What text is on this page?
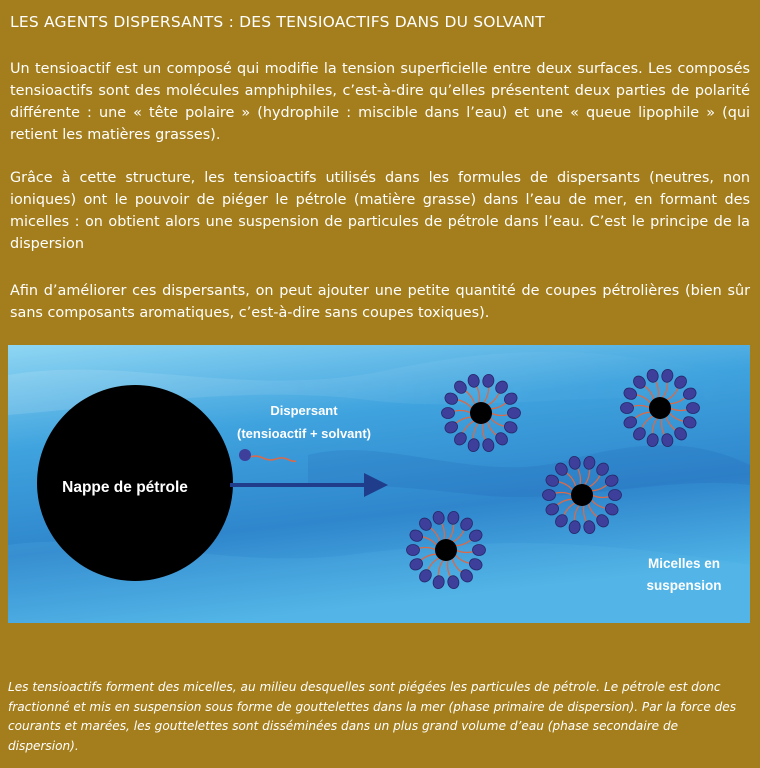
LES AGENTS DISPERSANTS : DES TENSIOACTIFS DANS DU SOLVANT
Un tensioactif est un composé qui modifie la tension superficielle entre deux surfaces. Les composés tensioactifs sont des molécules amphiphiles, c’est-à-dire qu’elles présentent deux parties de polarité différente : une « tête polaire » (hydrophile : miscible dans l’eau) et une « queue lipophile » (qui retient les matières grasses).
Grâce à cette structure, les tensioactifs utilisés dans les formules de dispersants (neutres, non ioniques) ont le pouvoir de piéger le pétrole (matière grasse) dans l’eau de mer, en formant des micelles : on obtient alors une suspension de particules de pétrole dans l’eau. C’est le principe de la dispersion
Afin d’améliorer ces dispersants, on peut ajouter une petite quantité de coupes pétrolières (bien sûr sans composants aromatiques, c’est-à-dire sans coupes toxiques).
Nappe de pétrole
Dispersant
(tensioactif + solvant)
Micelles en
suspension
Les tensioactifs forment des micelles, au milieu desquelles sont piégées les particules de pétrole. Le pétrole est donc fractionné et mis en suspension sous forme de gouttelettes dans la mer (phase primaire de dispersion). Par la force des courants et marées, les gouttelettes sont disséminées dans un plus grand volume d’eau (phase secondaire de dispersion).
